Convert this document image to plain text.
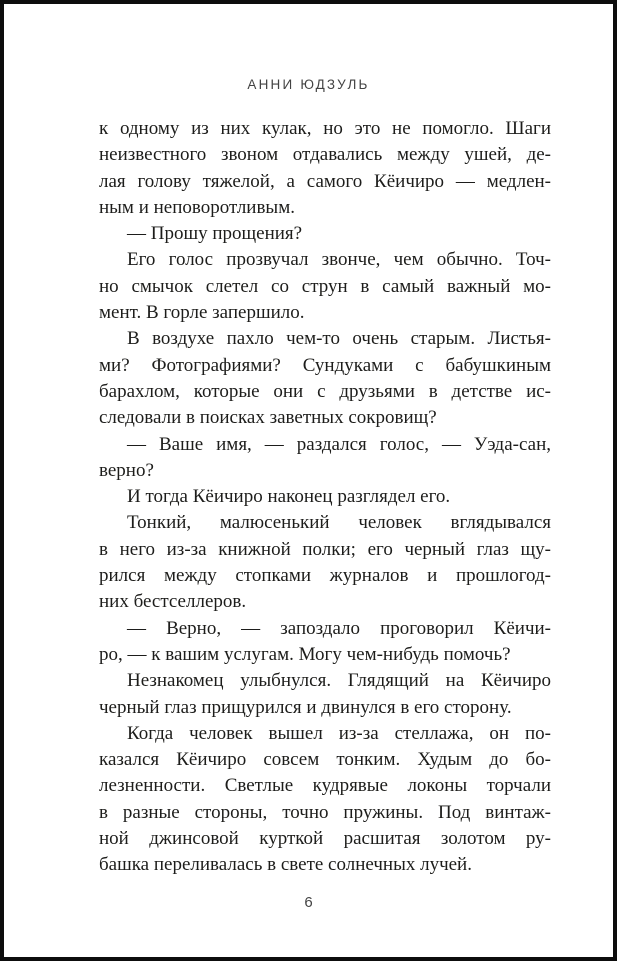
АННИ ЮДЗУЛЬ
к одному из них кулак, но это не помогло. Шаги
неизвестного звоном отдавались между ушей, де-
лая голову тяжелой, а самого Кёичиро — медлен-
ным и неповоротливым.
— Прошу прощения?
Его голос прозвучал звонче, чем обычно. Точ-
но смычок слетел со струн в самый важный мо-
мент. В горле запершило.
В воздухе пахло чем-то очень старым. Листья-
ми? Фотографиями? Сундуками с бабушкиным
барахлом, которые они с друзьями в детстве ис-
следовали в поисках заветных сокровищ?
— Ваше имя, — раздался голос, — Уэда-сан,
верно?
И тогда Кёичиро наконец разглядел его.
Тонкий, малюсенький человек вглядывался
в него из-за книжной полки; его черный глаз щу-
рился между стопками журналов и прошлогод-
них бестселлеров.
— Верно, — запоздало проговорил Кёичи-
ро, — к вашим услугам. Могу чем-нибудь помочь?
Незнакомец улыбнулся. Глядящий на Кёичиро
черный глаз прищурился и двинулся в его сторону.
Когда человек вышел из-за стеллажа, он по-
казался Кёичиро совсем тонким. Худым до бо-
лезненности. Светлые кудрявые локоны торчали
в разные стороны, точно пружины. Под винтаж-
ной джинсовой курткой расшитая золотом ру-
башка переливалась в свете солнечных лучей.
6
